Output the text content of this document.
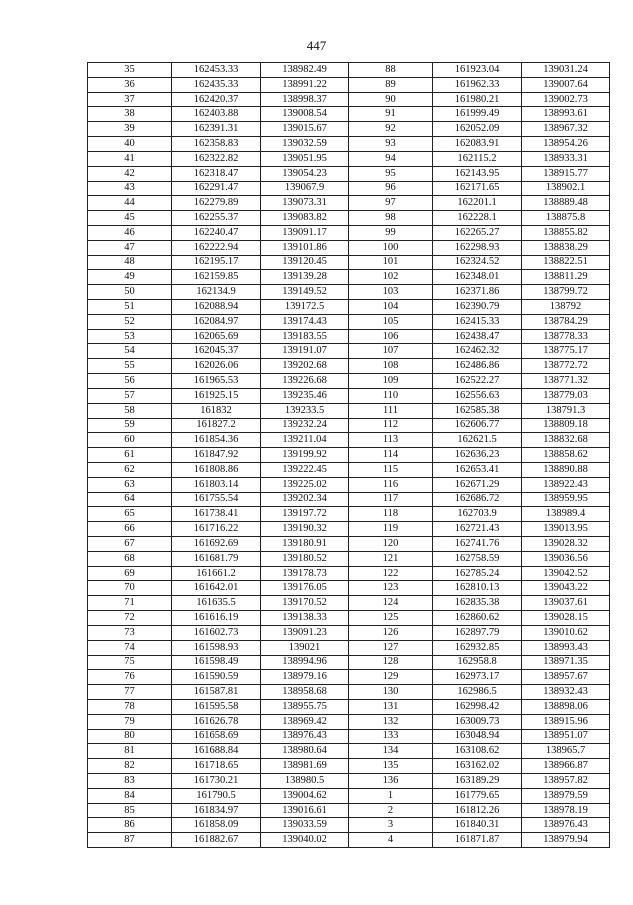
447
35	162453.33	138982.49	88	161923.04	139031.24
36	162435.33	138991.22	89	161962.33	139007.64
37	162420.37	138998.37	90	161980.21	139002.73
38	162403.88	139008.54	91	161999.49	138993.61
39	162391.31	139015.67	92	162052.09	138967.32
40	162358.83	139032.59	93	162083.91	138954.26
41	162322.82	139051.95	94	162115.2	138933.31
42	162318.47	139054.23	95	162143.95	138915.77
43	162291.47	139067.9	96	162171.65	138902.1
44	162279.89	139073.31	97	162201.1	138889.48
45	162255.37	139083.82	98	162228.1	138875.8
46	162240.47	139091.17	99	162265.27	138855.82
47	162222.94	139101.86	100	162298.93	138838.29
48	162195.17	139120.45	101	162324.52	138822.51
49	162159.85	139139.28	102	162348.01	138811.29
50	162134.9	139149.52	103	162371.86	138799.72
51	162088.94	139172.5	104	162390.79	138792
52	162084.97	139174.43	105	162415.33	138784.29
53	162065.69	139183.55	106	162438.47	138778.33
54	162045.37	139191.07	107	162462.32	138775.17
55	162026.06	139202.68	108	162486.86	138772.72
56	161965.53	139226.68	109	162522.27	138771.32
57	161925.15	139235.46	110	162556.63	138779.03
58	161832	139233.5	111	162585.38	138791.3
59	161827.2	139232.24	112	162606.77	138809.18
60	161854.36	139211.04	113	162621.5	138832.68
61	161847.92	139199.92	114	162636.23	138858.62
62	161808.86	139222.45	115	162653.41	138890.88
63	161803.14	139225.02	116	162671.29	138922.43
64	161755.54	139202.34	117	162686.72	138959.95
65	161738.41	139197.72	118	162703.9	138989.4
66	161716.22	139190.32	119	162721.43	139013.95
67	161692.69	139180.91	120	162741.76	139028.32
68	161681.79	139180.52	121	162758.59	139036.56
69	161661.2	139178.73	122	162785.24	139042.52
70	161642.01	139176.05	123	162810.13	139043.22
71	161635.5	139170.52	124	162835.38	139037.61
72	161616.19	139138.33	125	162860.62	139028.15
73	161602.73	139091.23	126	162897.79	139010.62
74	161598.93	139021	127	162932.85	138993.43
75	161598.49	138994.96	128	162958.8	138971.35
76	161590.59	138979.16	129	162973.17	138957.67
77	161587.81	138958.68	130	162986.5	138932.43
78	161595.58	138955.75	131	162998.42	138898.06
79	161626.78	138969.42	132	163009.73	138915.96
80	161658.69	138976.43	133	163048.94	138951.07
81	161688.84	138980.64	134	163108.62	138965.7
82	161718.65	138981.69	135	163162.02	138966.87
83	161730.21	138980.5	136	163189.29	138957.82
84	161790.5	139004.62	1	161779.65	138979.59
85	161834.97	139016.61	2	161812.26	138978.19
86	161858.09	139033.59	3	161840.31	138976.43
87	161882.67	139040.02	4	161871.87	138979.94
